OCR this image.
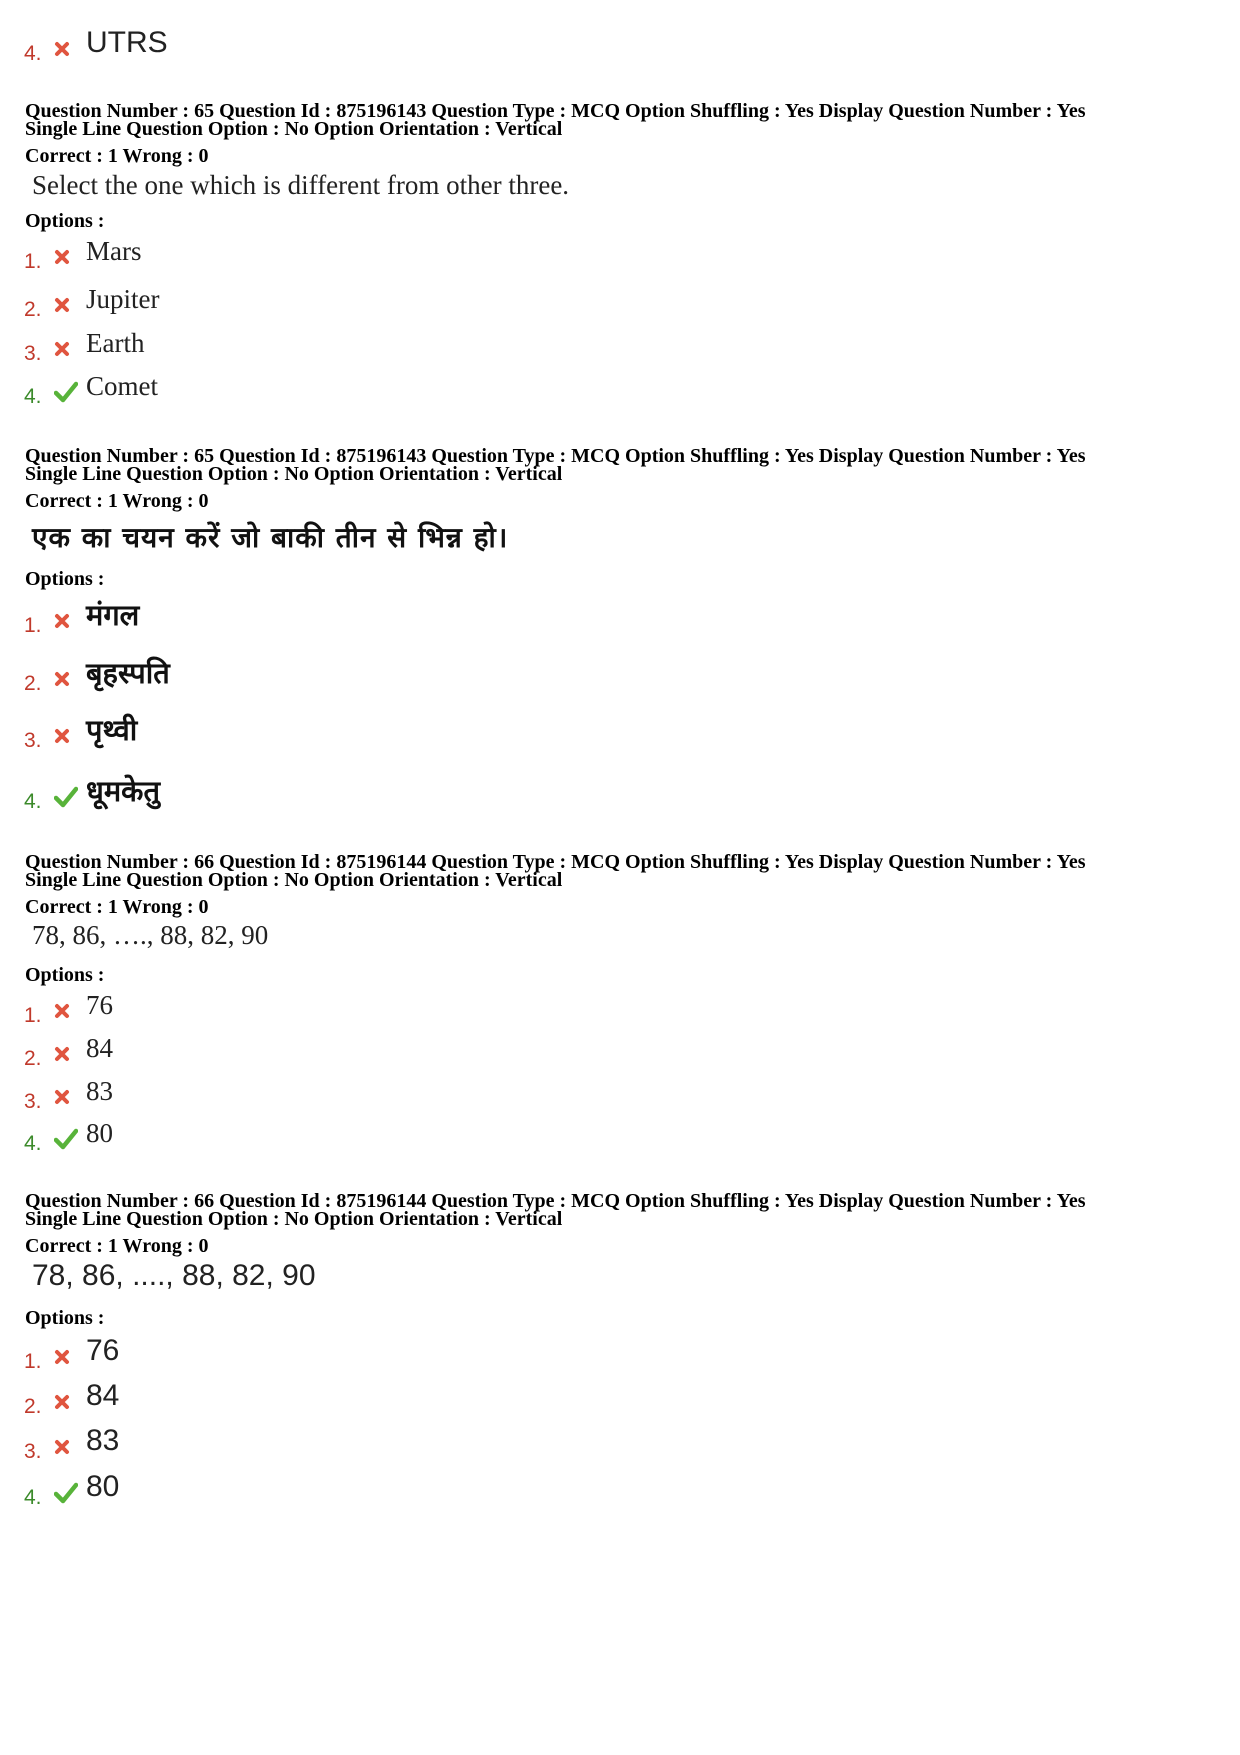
4.	UTRS
Question Number : 65 Question Id : 875196143 Question Type : MCQ Option Shuffling : Yes Display Question Number : Yes
Single Line Question Option : No Option Orientation : Vertical
Correct : 1 Wrong : 0
Select the one which is different from other three.
Options :
1.	Mars
2.	Jupiter
3.	Earth
4.	Comet
Question Number : 65 Question Id : 875196143 Question Type : MCQ Option Shuffling : Yes Display Question Number : Yes
Single Line Question Option : No Option Orientation : Vertical
Correct : 1 Wrong : 0
एक का चयन करें जो बाकी तीन से भिन्न हो।
Options :
1.	मंगल
2.	बृहस्पति
3.	पृथ्वी
4.	धूमकेतु
Question Number : 66 Question Id : 875196144 Question Type : MCQ Option Shuffling : Yes Display Question Number : Yes
Single Line Question Option : No Option Orientation : Vertical
Correct : 1 Wrong : 0
78, 86, …., 88, 82, 90
Options :
1.	76
2.	84
3.	83
4.	80
Question Number : 66 Question Id : 875196144 Question Type : MCQ Option Shuffling : Yes Display Question Number : Yes
Single Line Question Option : No Option Orientation : Vertical
Correct : 1 Wrong : 0
78, 86, ...., 88, 82, 90
Options :
1.	76
2.	84
3.	83
4.	80
